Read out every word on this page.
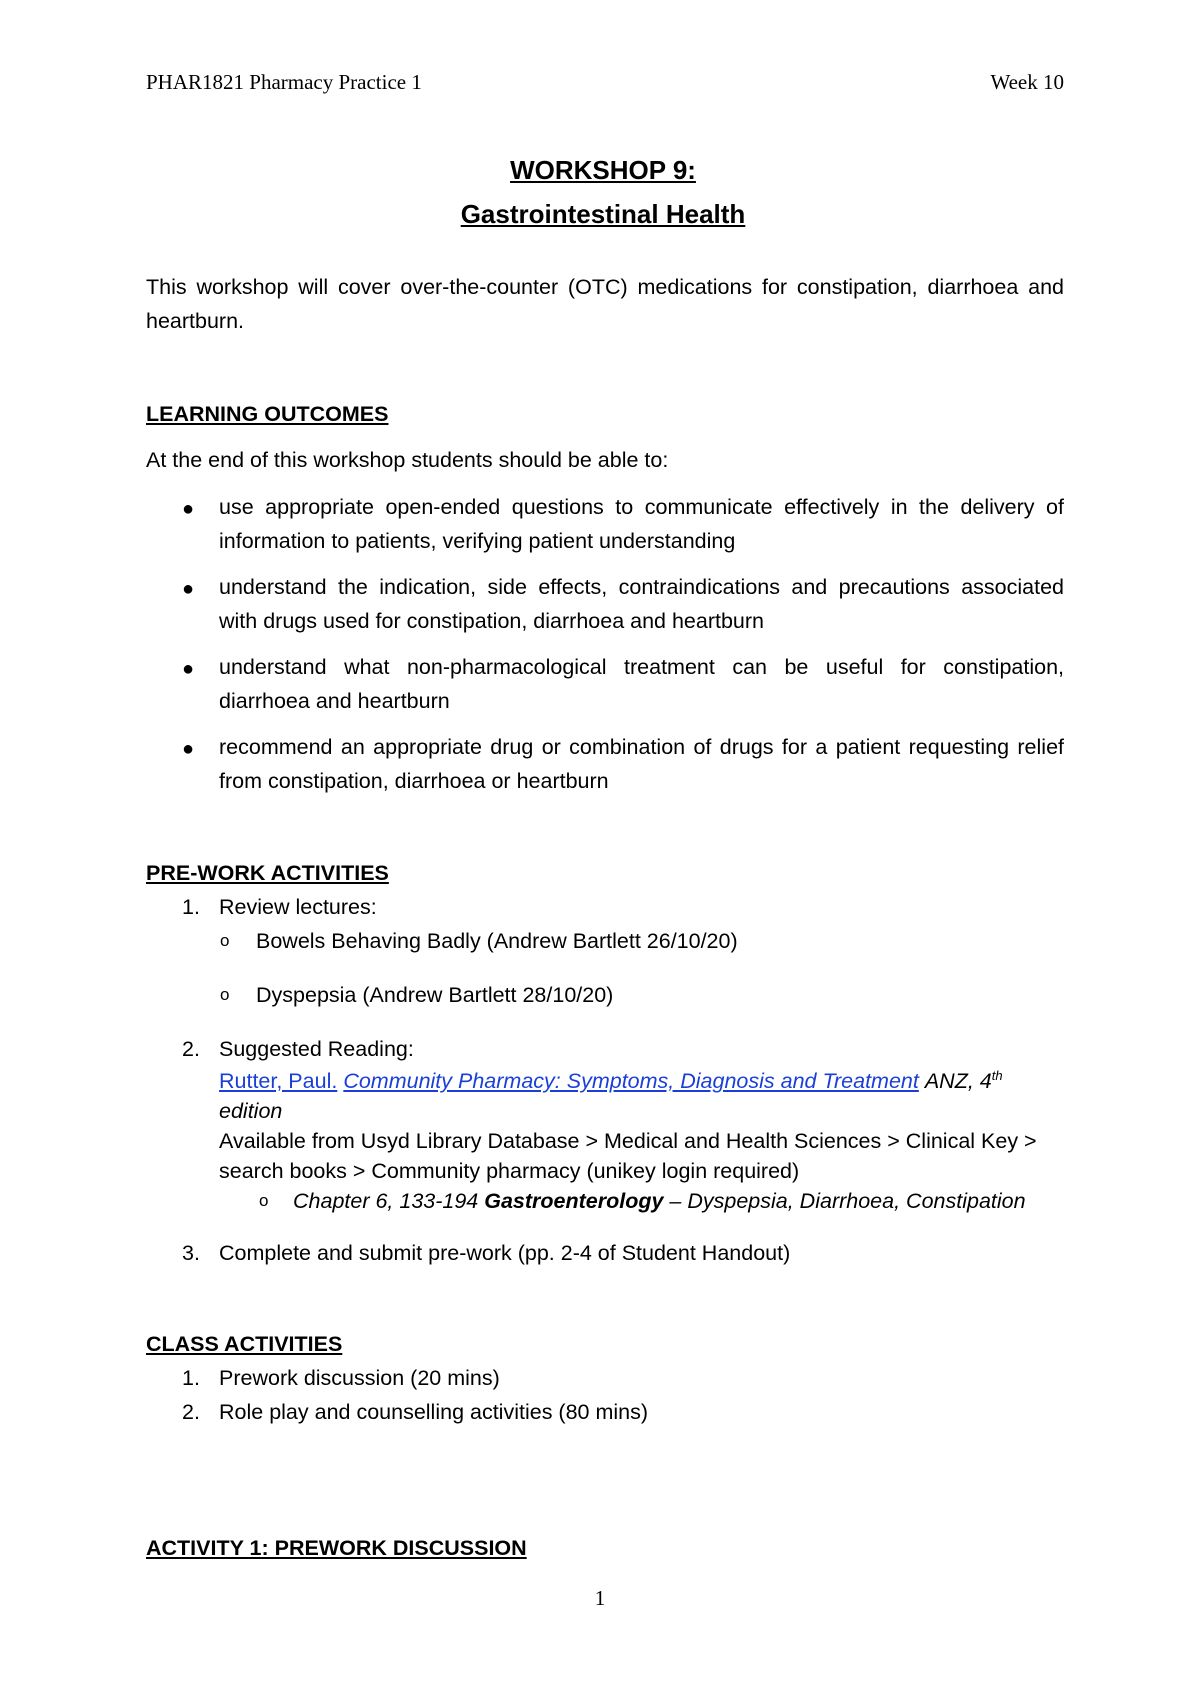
PHAR1821 Pharmacy Practice 1	Week 10
WORKSHOP 9:
Gastrointestinal Health
This workshop will cover over-the-counter (OTC) medications for constipation, diarrhoea and heartburn.
LEARNING OUTCOMES
At the end of this workshop students should be able to:
● use appropriate open-ended questions to communicate effectively in the delivery of information to patients, verifying patient understanding
● understand the indication, side effects, contraindications and precautions associated with drugs used for constipation, diarrhoea and heartburn
● understand what non-pharmacological treatment can be useful for constipation, diarrhoea and heartburn
● recommend an appropriate drug or combination of drugs for a patient requesting relief from constipation, diarrhoea or heartburn
PRE-WORK ACTIVITIES
1. Review lectures:
o Bowels Behaving Badly (Andrew Bartlett 26/10/20)
o Dyspepsia (Andrew Bartlett 28/10/20)
2. Suggested Reading:
Rutter, Paul. Community Pharmacy: Symptoms, Diagnosis and Treatment ANZ, 4th edition
Available from Usyd Library Database > Medical and Health Sciences > Clinical Key > search books > Community pharmacy (unikey login required)
o Chapter 6, 133-194 Gastroenterology – Dyspepsia, Diarrhoea, Constipation
3. Complete and submit pre-work (pp. 2-4 of Student Handout)
CLASS ACTIVITIES
1. Prework discussion (20 mins)
2. Role play and counselling activities (80 mins)
ACTIVITY 1: PREWORK DISCUSSION
1
